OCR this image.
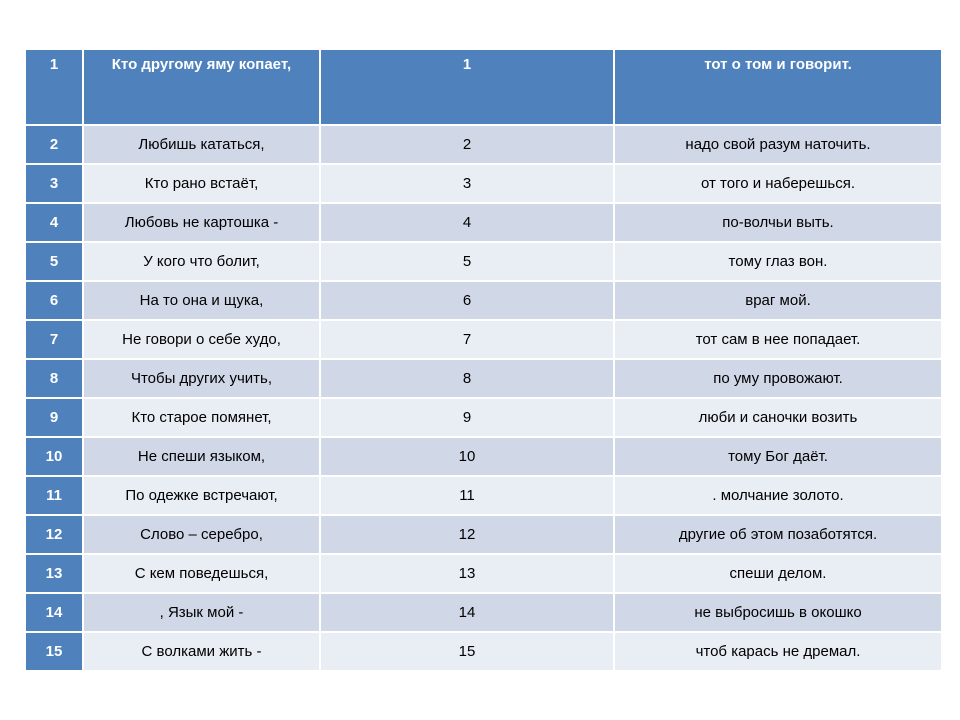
1	Кто другому яму копает,	1	тот о том и говорит.
2	Любишь кататься,	2	надо свой разум наточить.
3	Кто рано встаёт,	3	от того и наберешься.
4	Любовь не картошка -	4	по-волчьи выть.
5	У кого что болит,	5	тому глаз вон.
6	На то она и щука,	6	враг мой.
7	Не говори о себе худо,	7	тот сам в нее попадает.
8	Чтобы других учить,	8	по уму провожают.
9	Кто старое помянет,	9	люби и саночки возить
10	Не спеши языком,	10	тому Бог даёт.
11	По одежке встречают,	11	. молчание золото.
12	Слово – серебро,	12	другие об этом позаботятся.
13	С кем поведешься,	13	спеши делом.
14	, Язык мой -	14	не выбросишь в окошко
15	С волками жить -	15	чтоб карась не дремал.
